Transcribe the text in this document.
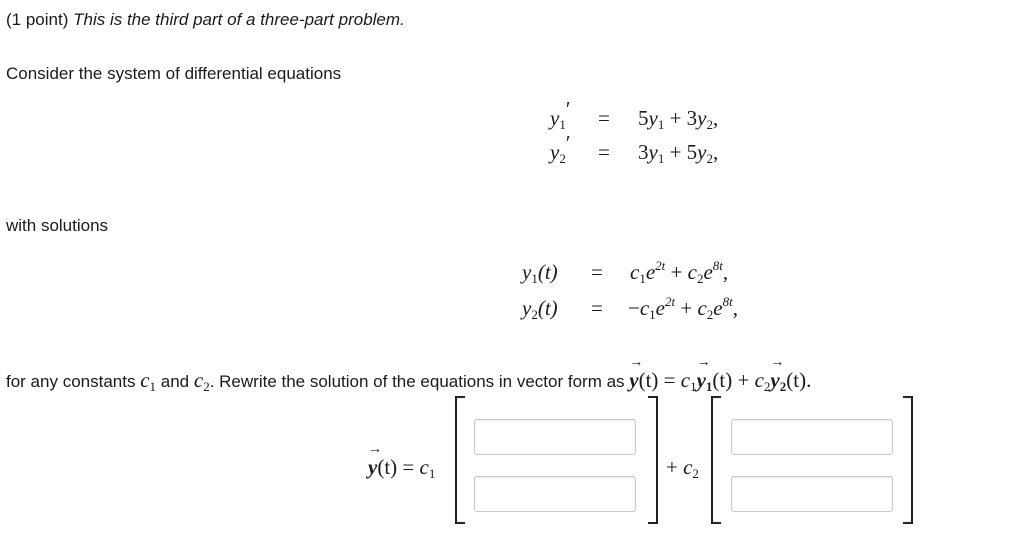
(1 point) This is the third part of a three-part problem.
Consider the system of differential equations
$y_1' = 5y_1 + 3y_2$,
$y_2' = 3y_1 + 5y_2$,
with solutions
$y_1(t) = c_1e^{2t} + c_2e^{8t}$,
$y_2(t) = -c_1e^{2t} + c_2e^{8t}$,
for any constants $c_1$ and $c_2$. Rewrite the solution of the equations in vector form as → $y(t) = c_1\to y_1(t) + c_2\to y_2(t)$.
→ $y(t) = c_1$	+ $c_2$
